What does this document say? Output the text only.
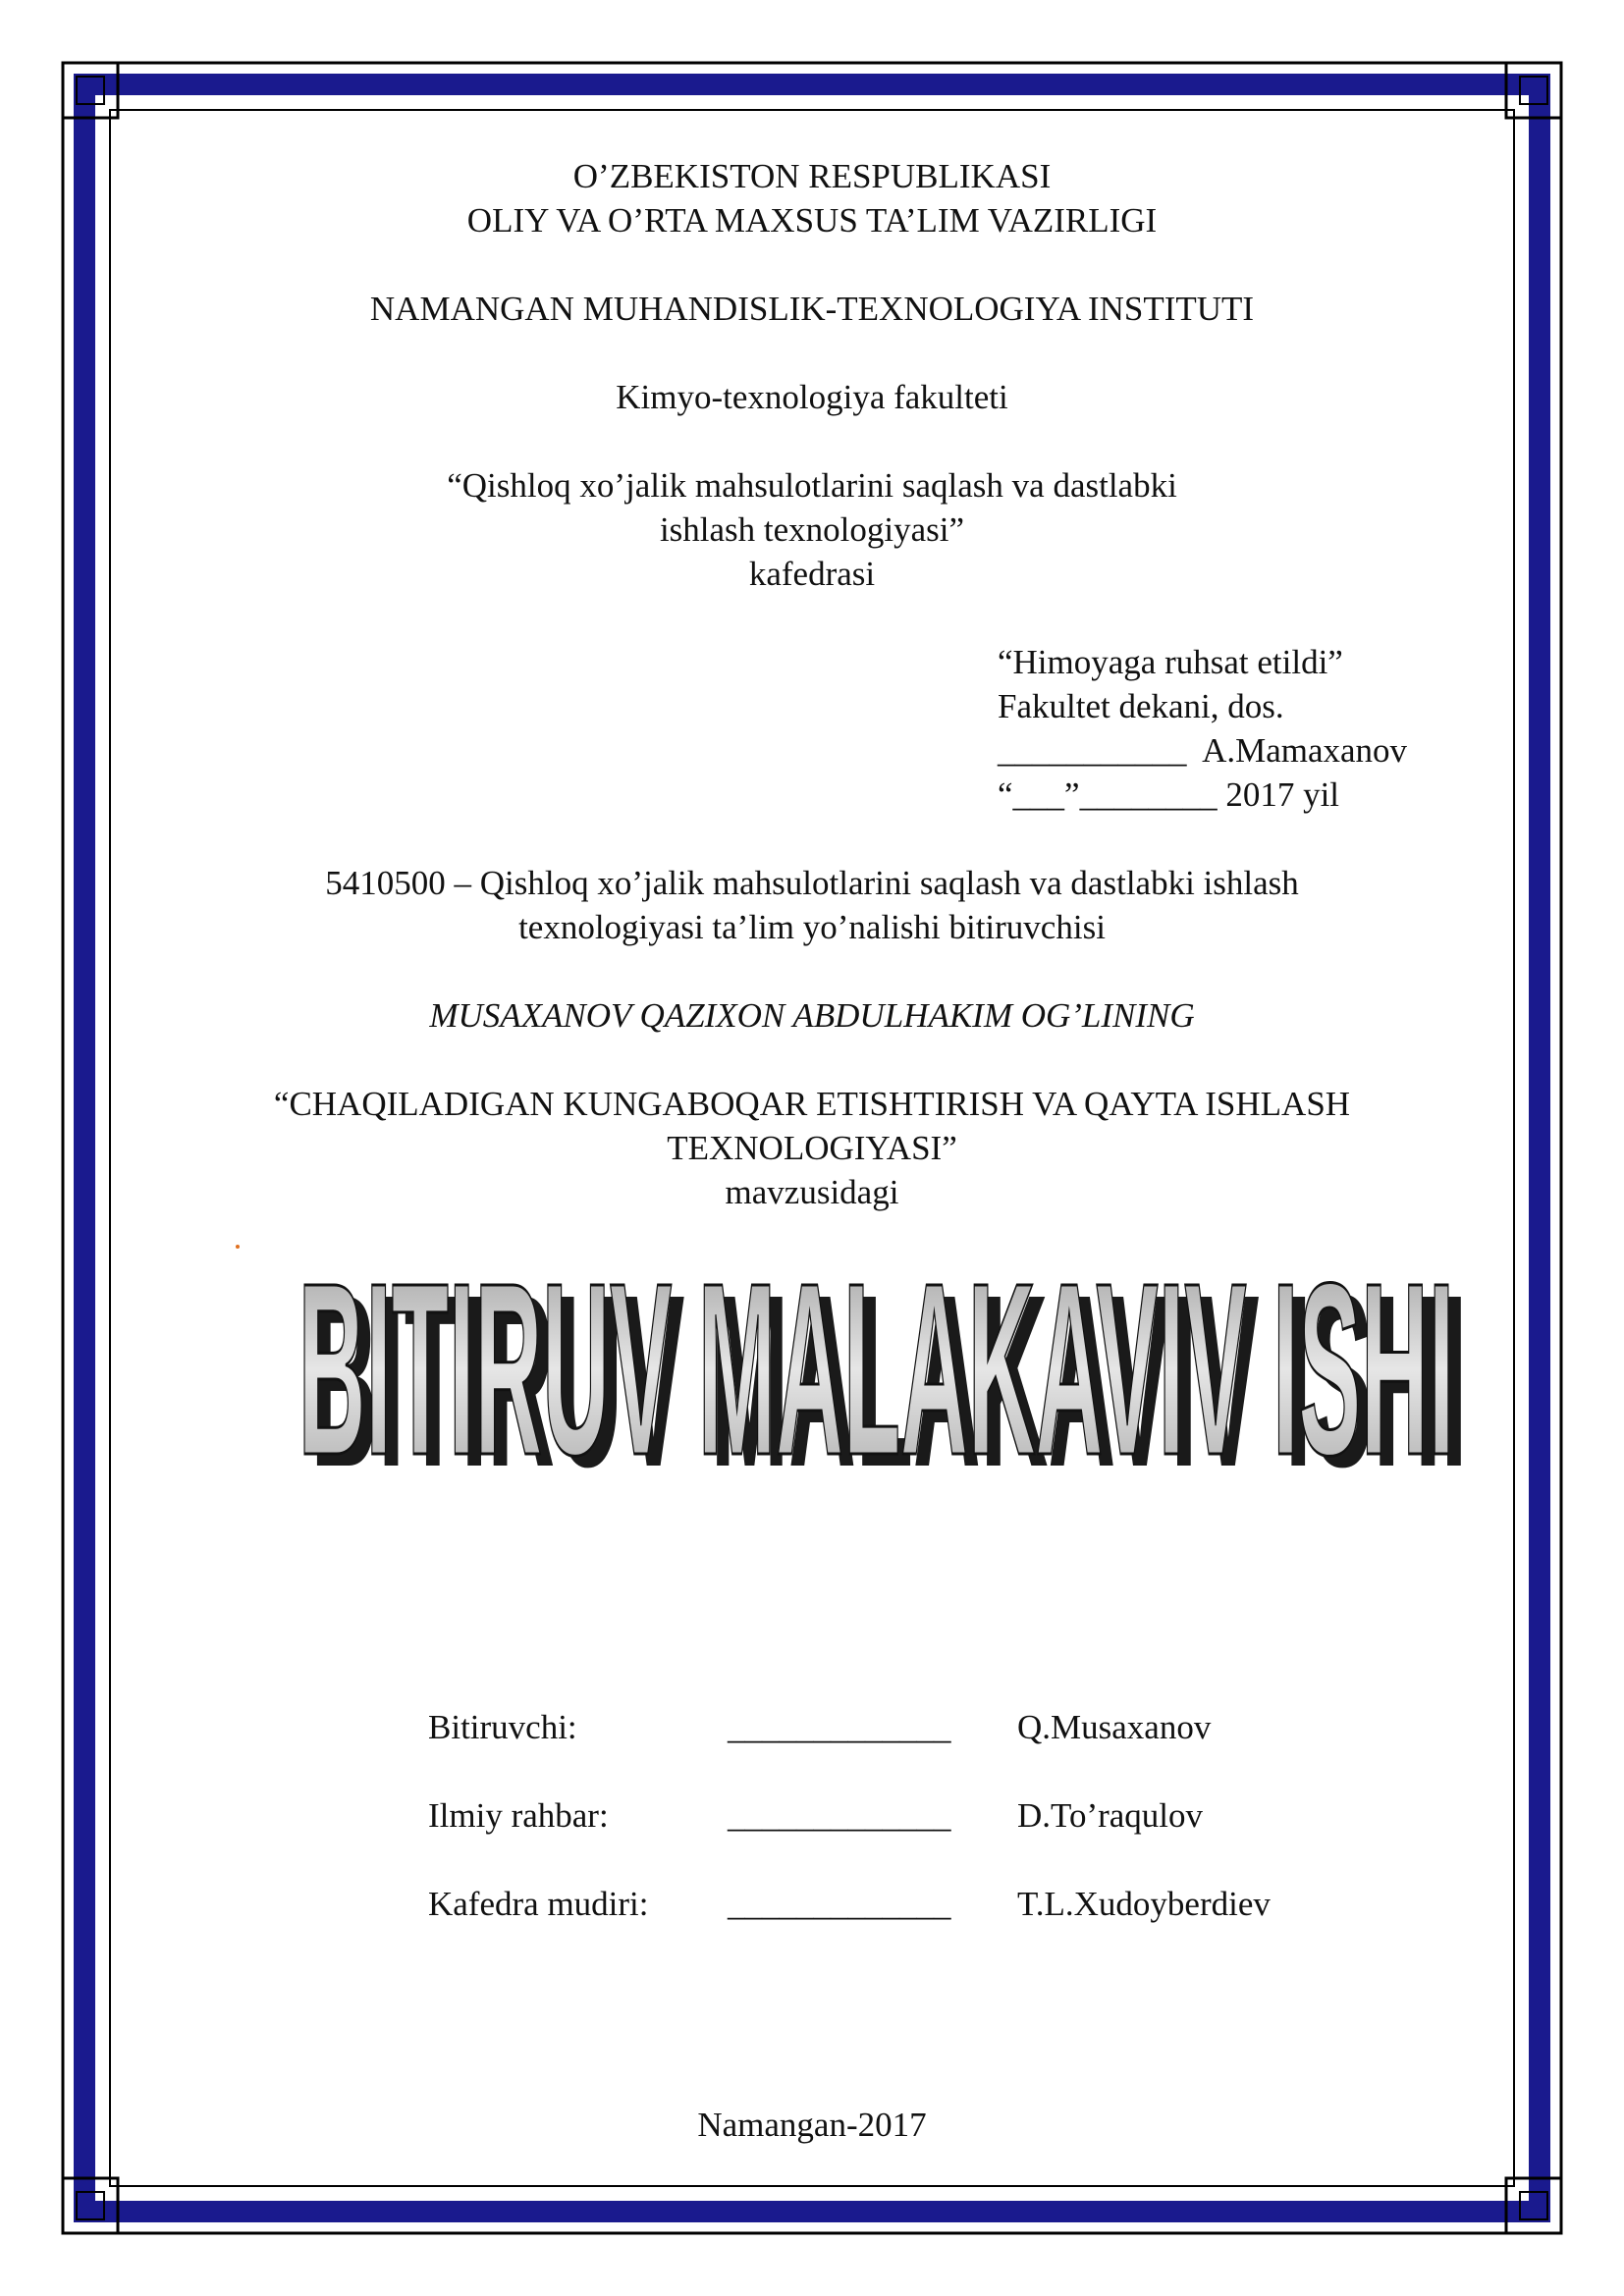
O’ZBEKISTON RESPUBLIKASI
OLIY VA O’RTA MAXSUS TA’LIM VAZIRLIGI
NAMANGAN MUHANDISLIK-TEXNOLOGIYA INSTITUTI
Kimyo-texnologiya fakulteti
“Qishloq xo’jalik mahsulotlarini saqlash va dastlabki
ishlash texnologiyasi”
kafedrasi
“Himoyaga ruhsat etildi”
Fakultet dekani, dos.
___________  A.Mamaxanov
“___”________ 2017 yil
5410500 – Qishloq xo’jalik mahsulotlarini saqlash va dastlabki ishlash
texnologiyasi ta’lim yo’nalishi bitiruvchisi
MUSAXANOV QAZIXON ABDULHAKIM OG’LINING
“CHAQILADIGAN KUNGABOQAR ETISHTIRISH VA QAYTA ISHLASH
TEXNOLOGIYASI”
mavzusidagi
BITIRUV MALAKAVIV ISHI
BITIRUV MALAKAVIV ISHI
Bitiruvchi:	_____________ Q.Musaxanov
Ilmiy rahbar:	_____________ D.To’raqulov
Kafedra mudiri: _____________ T.L.Xudoyberdiev
Namangan-2017
